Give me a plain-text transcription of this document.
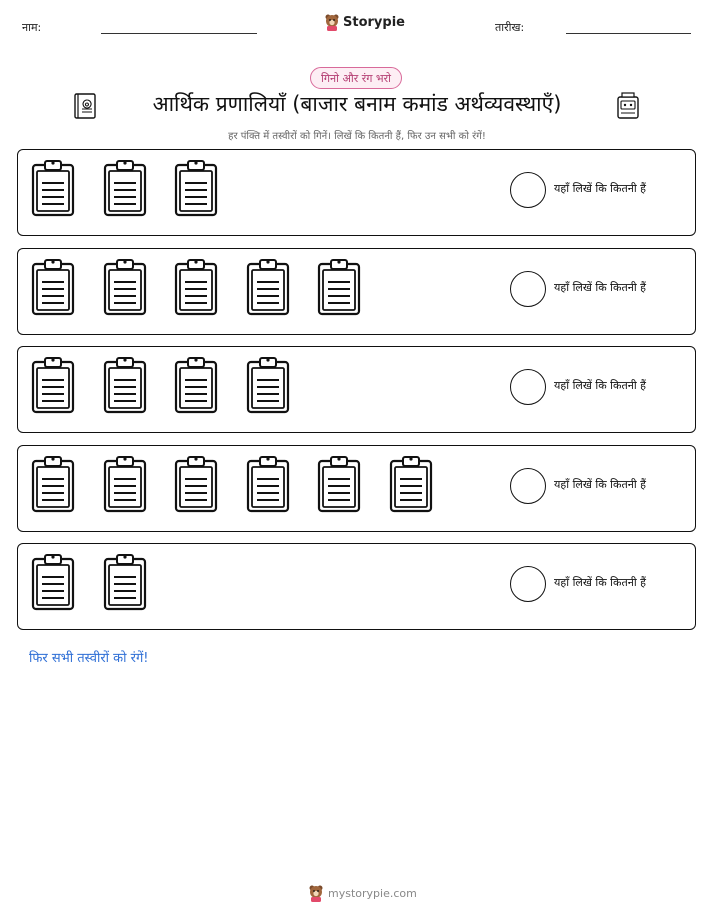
नाम:	Storypie	तारीख:
गिनो और रंग भरो
आर्थिक प्रणालियाँ (बाजार बनाम कमांड अर्थव्यवस्थाएँ)
हर पंक्ति में तस्वीरों को गिनें। लिखें कि कितनी हैं, फिर उन सभी को रंगें!
यहाँ लिखें कि कितनी हैं
यहाँ लिखें कि कितनी हैं
यहाँ लिखें कि कितनी हैं
यहाँ लिखें कि कितनी हैं
यहाँ लिखें कि कितनी हैं
फिर सभी तस्वीरों को रंगें!
mystorypie.com
